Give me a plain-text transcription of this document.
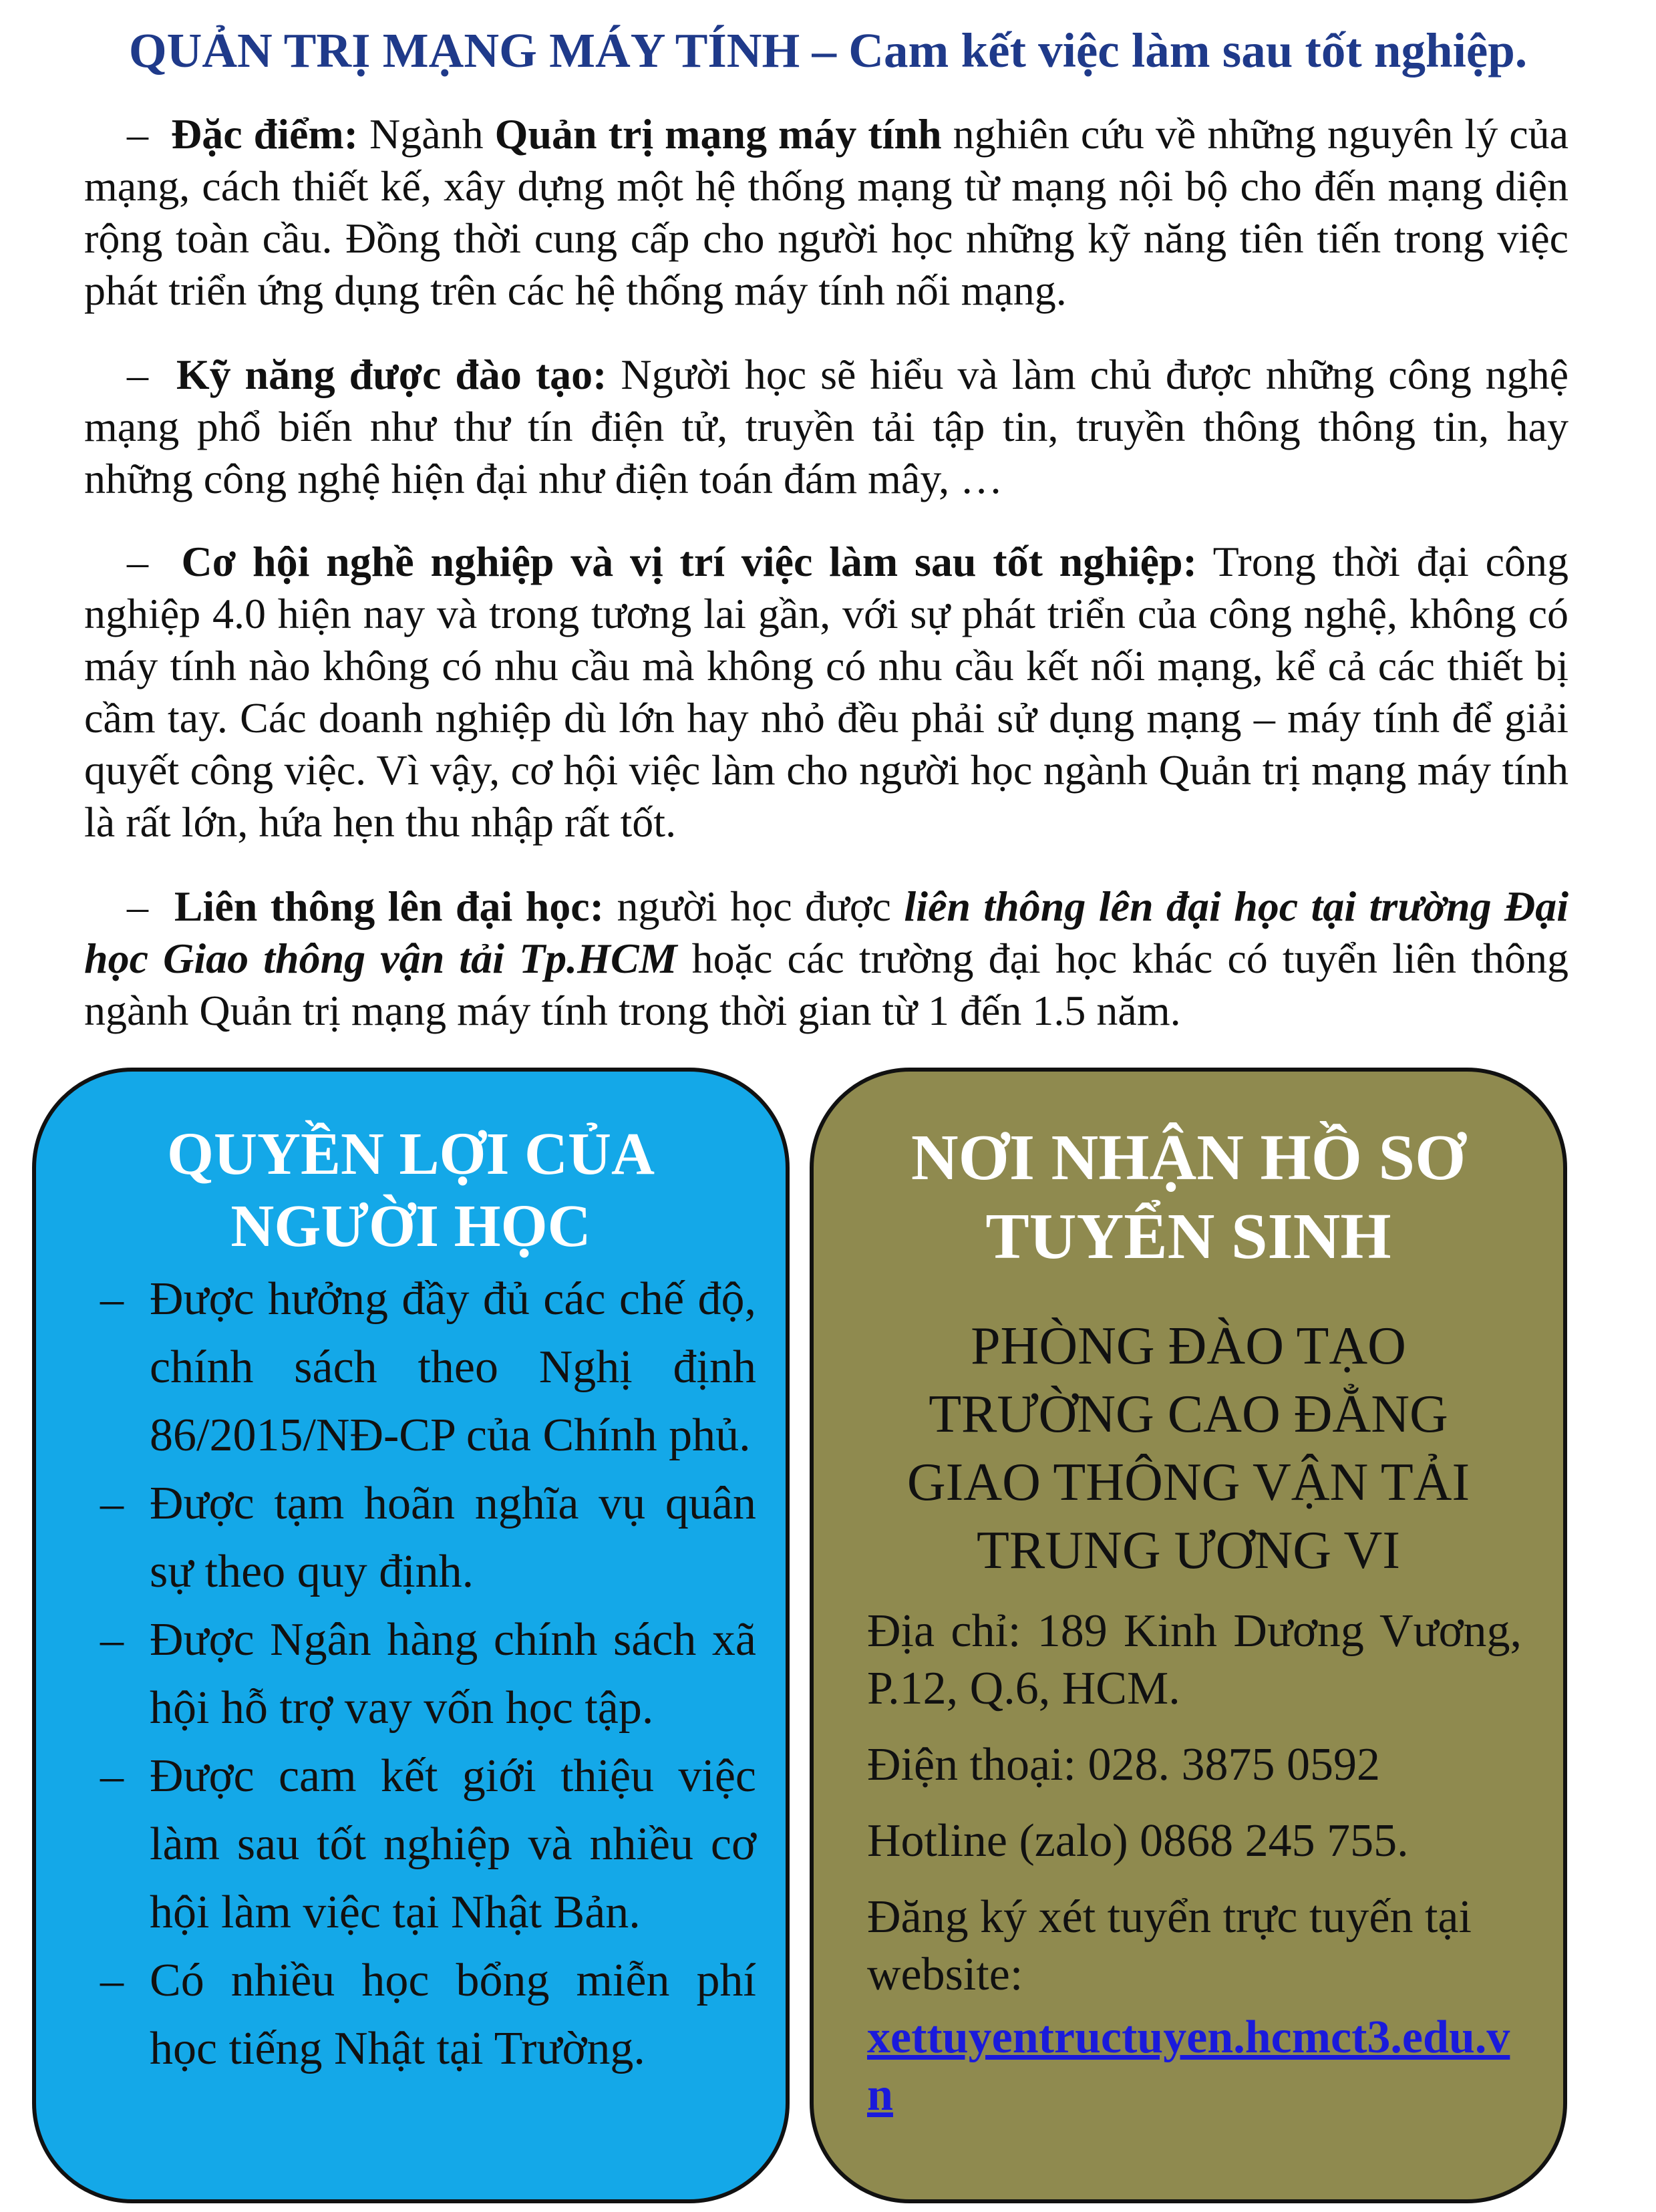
QUẢN TRỊ MẠNG MÁY TÍNH – Cam kết việc làm sau tốt nghiệp.
– Đặc điểm: Ngành Quản trị mạng máy tính nghiên cứu về những nguyên lý của mạng, cách thiết kế, xây dựng một hệ thống mạng từ mạng nội bộ cho đến mạng diện rộng toàn cầu. Đồng thời cung cấp cho người học những kỹ năng tiên tiến trong việc phát triển ứng dụng trên các hệ thống máy tính nối mạng.
– Kỹ năng được đào tạo: Người học sẽ hiểu và làm chủ được những công nghệ mạng phổ biến như thư tín điện tử, truyền tải tập tin, truyền thông thông tin, hay những công nghệ hiện đại như điện toán đám mây, …
– Cơ hội nghề nghiệp và vị trí việc làm sau tốt nghiệp: Trong thời đại công nghiệp 4.0 hiện nay và trong tương lai gần, với sự phát triển của công nghệ, không có máy tính nào không có nhu cầu mà không có nhu cầu kết nối mạng, kể cả các thiết bị cầm tay. Các doanh nghiệp dù lớn hay nhỏ đều phải sử dụng mạng – máy tính để giải quyết công việc. Vì vậy, cơ hội việc làm cho người học ngành Quản trị mạng máy tính là rất lớn, hứa hẹn thu nhập rất tốt.
– Liên thông lên đại học: người học được liên thông lên đại học tại trường Đại học Giao thông vận tải Tp.HCM hoặc các trường đại học khác có tuyển liên thông ngành Quản trị mạng máy tính trong thời gian từ 1 đến 1.5 năm.
QUYỀN LỢI CỦA
NGƯỜI HỌC
– Được hưởng đầy đủ các chế độ, chính sách theo Nghị định 86/2015/NĐ-CP của Chính phủ.
– Được tạm hoãn nghĩa vụ quân sự theo quy định.
– Được Ngân hàng chính sách xã hội hỗ trợ vay vốn học tập.
– Được cam kết giới thiệu việc làm sau tốt nghiệp và nhiều cơ hội làm việc tại Nhật Bản.
– Có nhiều học bổng miễn phí học tiếng Nhật tại Trường.
NƠI NHẬN HỒ SƠ
TUYỂN SINH
PHÒNG ĐÀO TẠO
TRƯỜNG CAO ĐẲNG
GIAO THÔNG VẬN TẢI
TRUNG ƯƠNG VI

Địa chỉ: 189 Kinh Dương Vương, P.12, Q.6, HCM.

Điện thoại: 028. 3875 0592

Hotline (zalo) 0868 245 755.

Đăng ký xét tuyển trực tuyến tại website:

xettuyentructuyen.hcmct3.edu.vn
